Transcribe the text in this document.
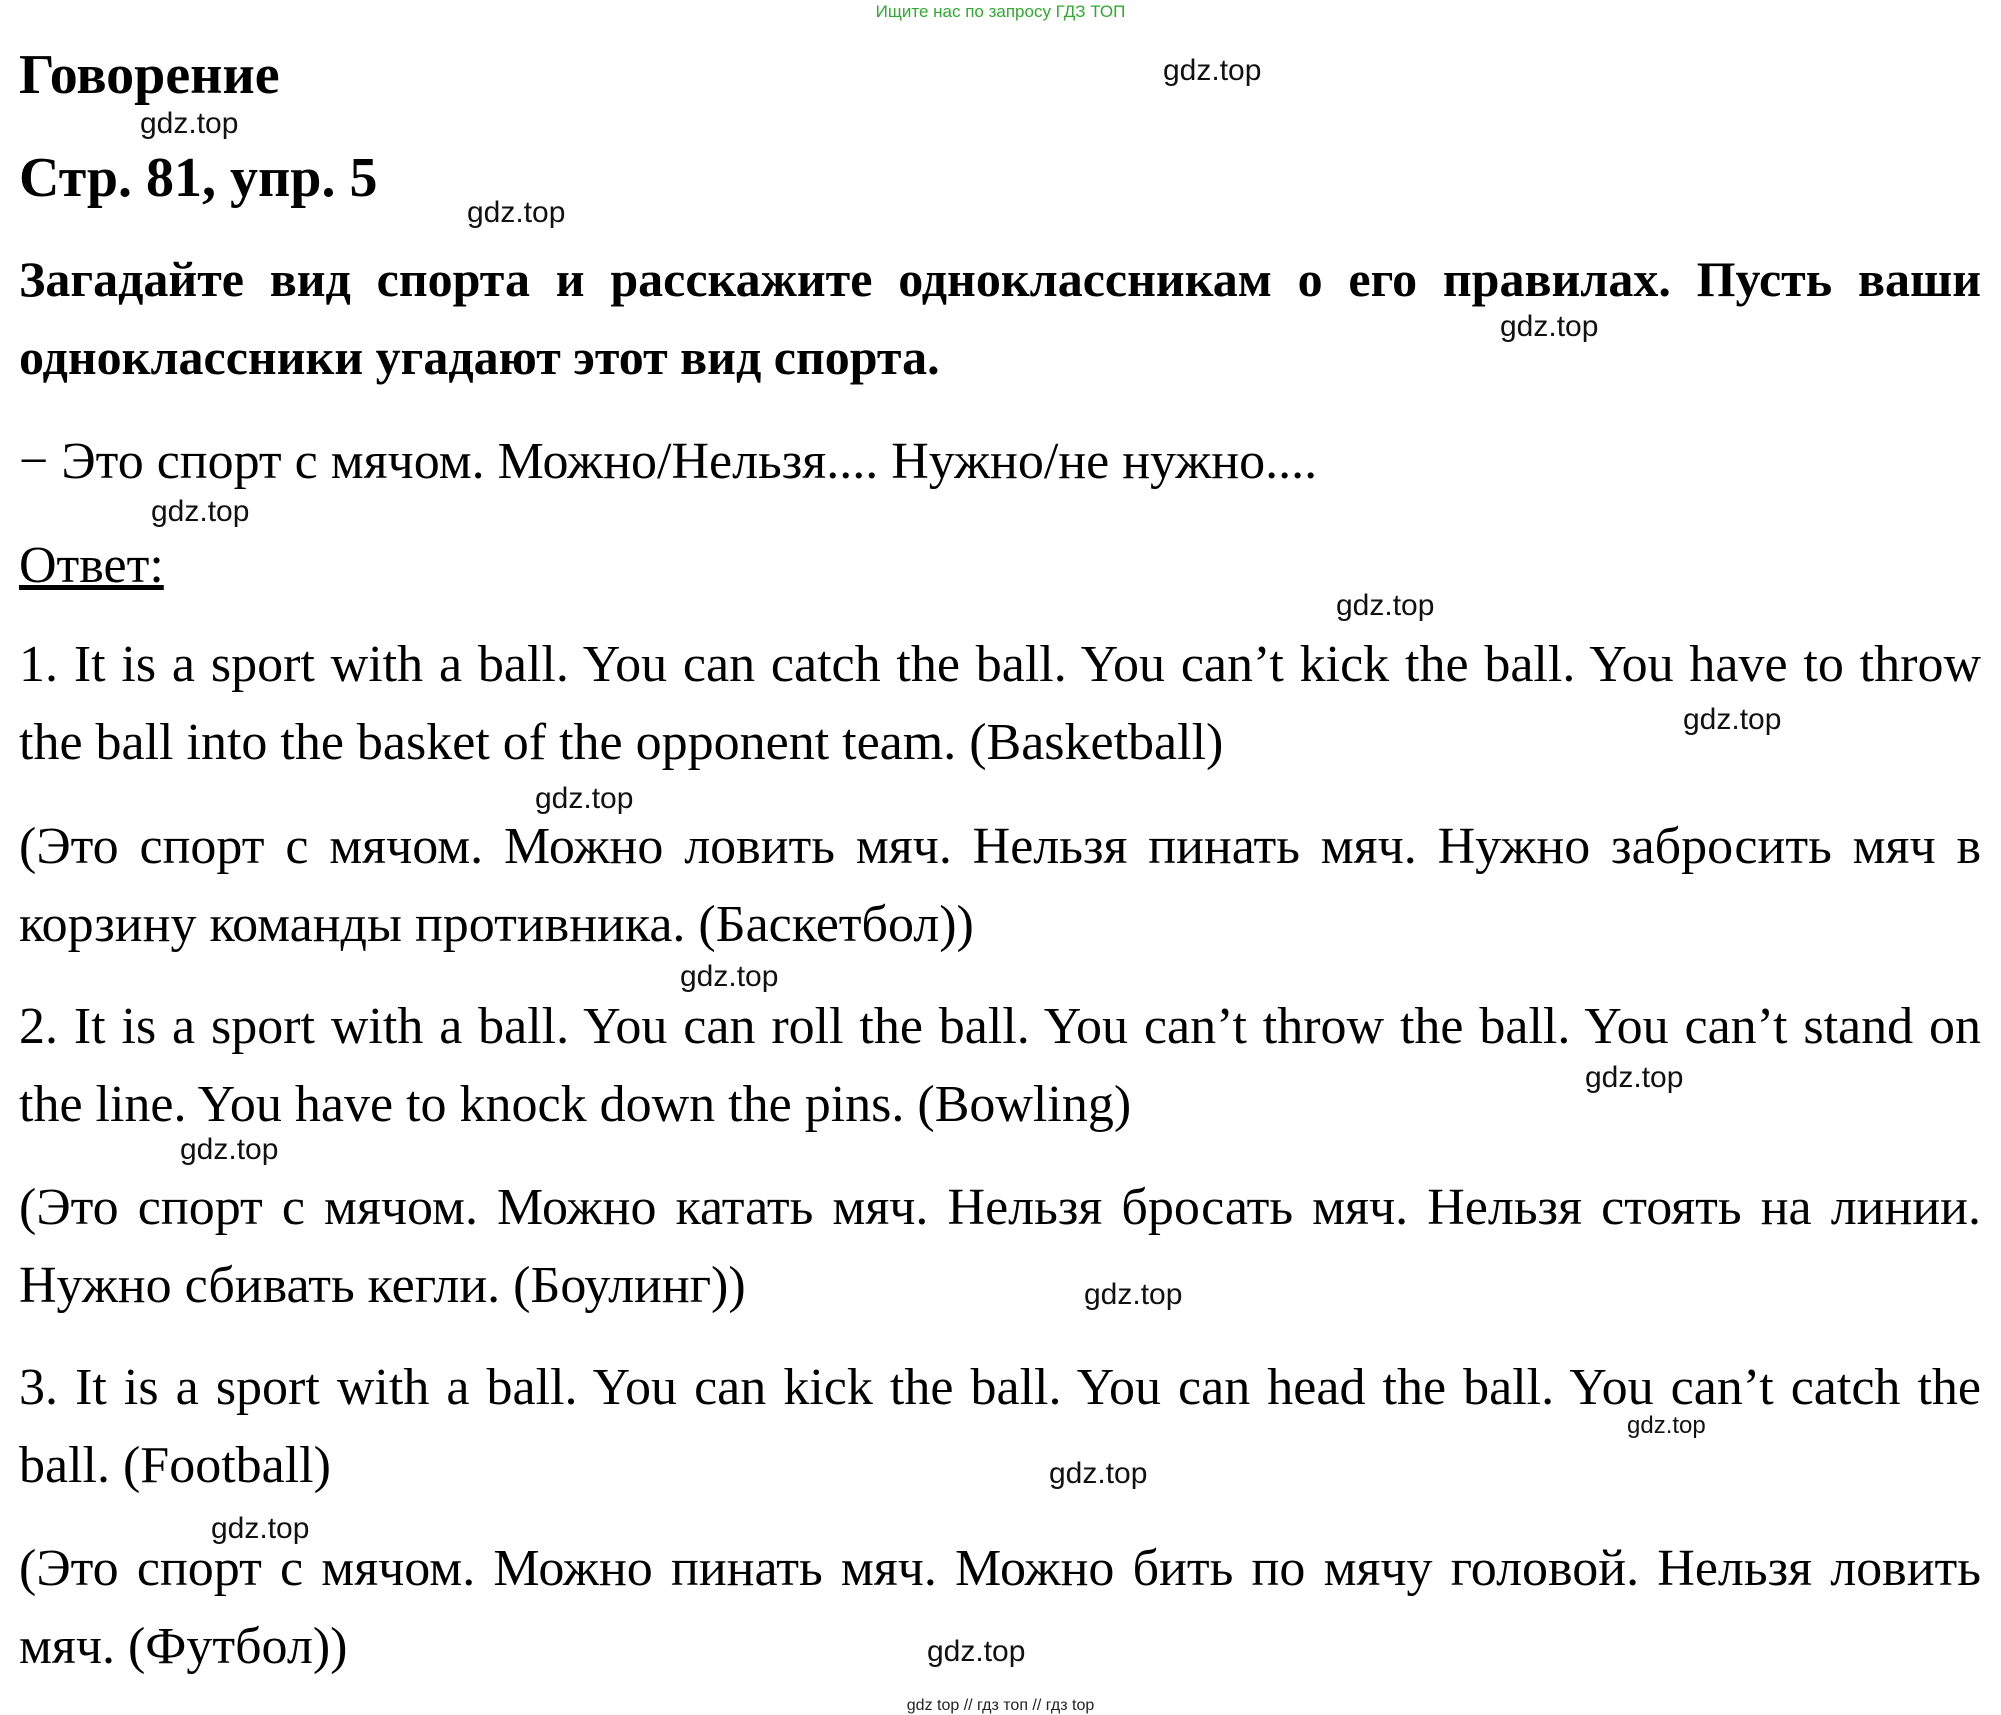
Ищите нас по запросу ГДЗ ТОП
Говорение
Стр. 81, упр. 5
Загадайте вид спорта и расскажите одноклассникам о его правилах. Пусть ваши одноклассники угадают этот вид спорта.
− Это спорт с мячом. Можно/Нельзя.... Нужно/не нужно....
Ответ:
1. It is a sport with a ball. You can catch the ball. You can’t kick the ball. You have to throw the ball into the basket of the opponent team. (Basketball)
(Это спорт с мячом. Можно ловить мяч. Нельзя пинать мяч. Нужно забросить мяч в корзину команды противника. (Баскетбол))
2. It is a sport with a ball. You can roll the ball. You can’t throw the ball. You can’t stand on the line. You have to knock down the pins. (Bowling)
(Это спорт с мячом. Можно катать мяч. Нельзя бросать мяч. Нельзя стоять на линии. Нужно сбивать кегли. (Боулинг))
3. It is a sport with a ball. You can kick the ball. You can head the ball. You can’t catch the ball. (Football)
(Это спорт с мячом. Можно пинать мяч. Можно бить по мячу головой. Нельзя ловить мяч. (Футбол))
gdz.top
gdz.top
gdz.top
gdz.top
gdz.top
gdz.top
gdz.top
gdz.top
gdz.top
gdz.top
gdz.top
gdz.top
gdz.top
gdz.top
gdz.top
gdz.top
gdz top // гдз топ // гдз top
